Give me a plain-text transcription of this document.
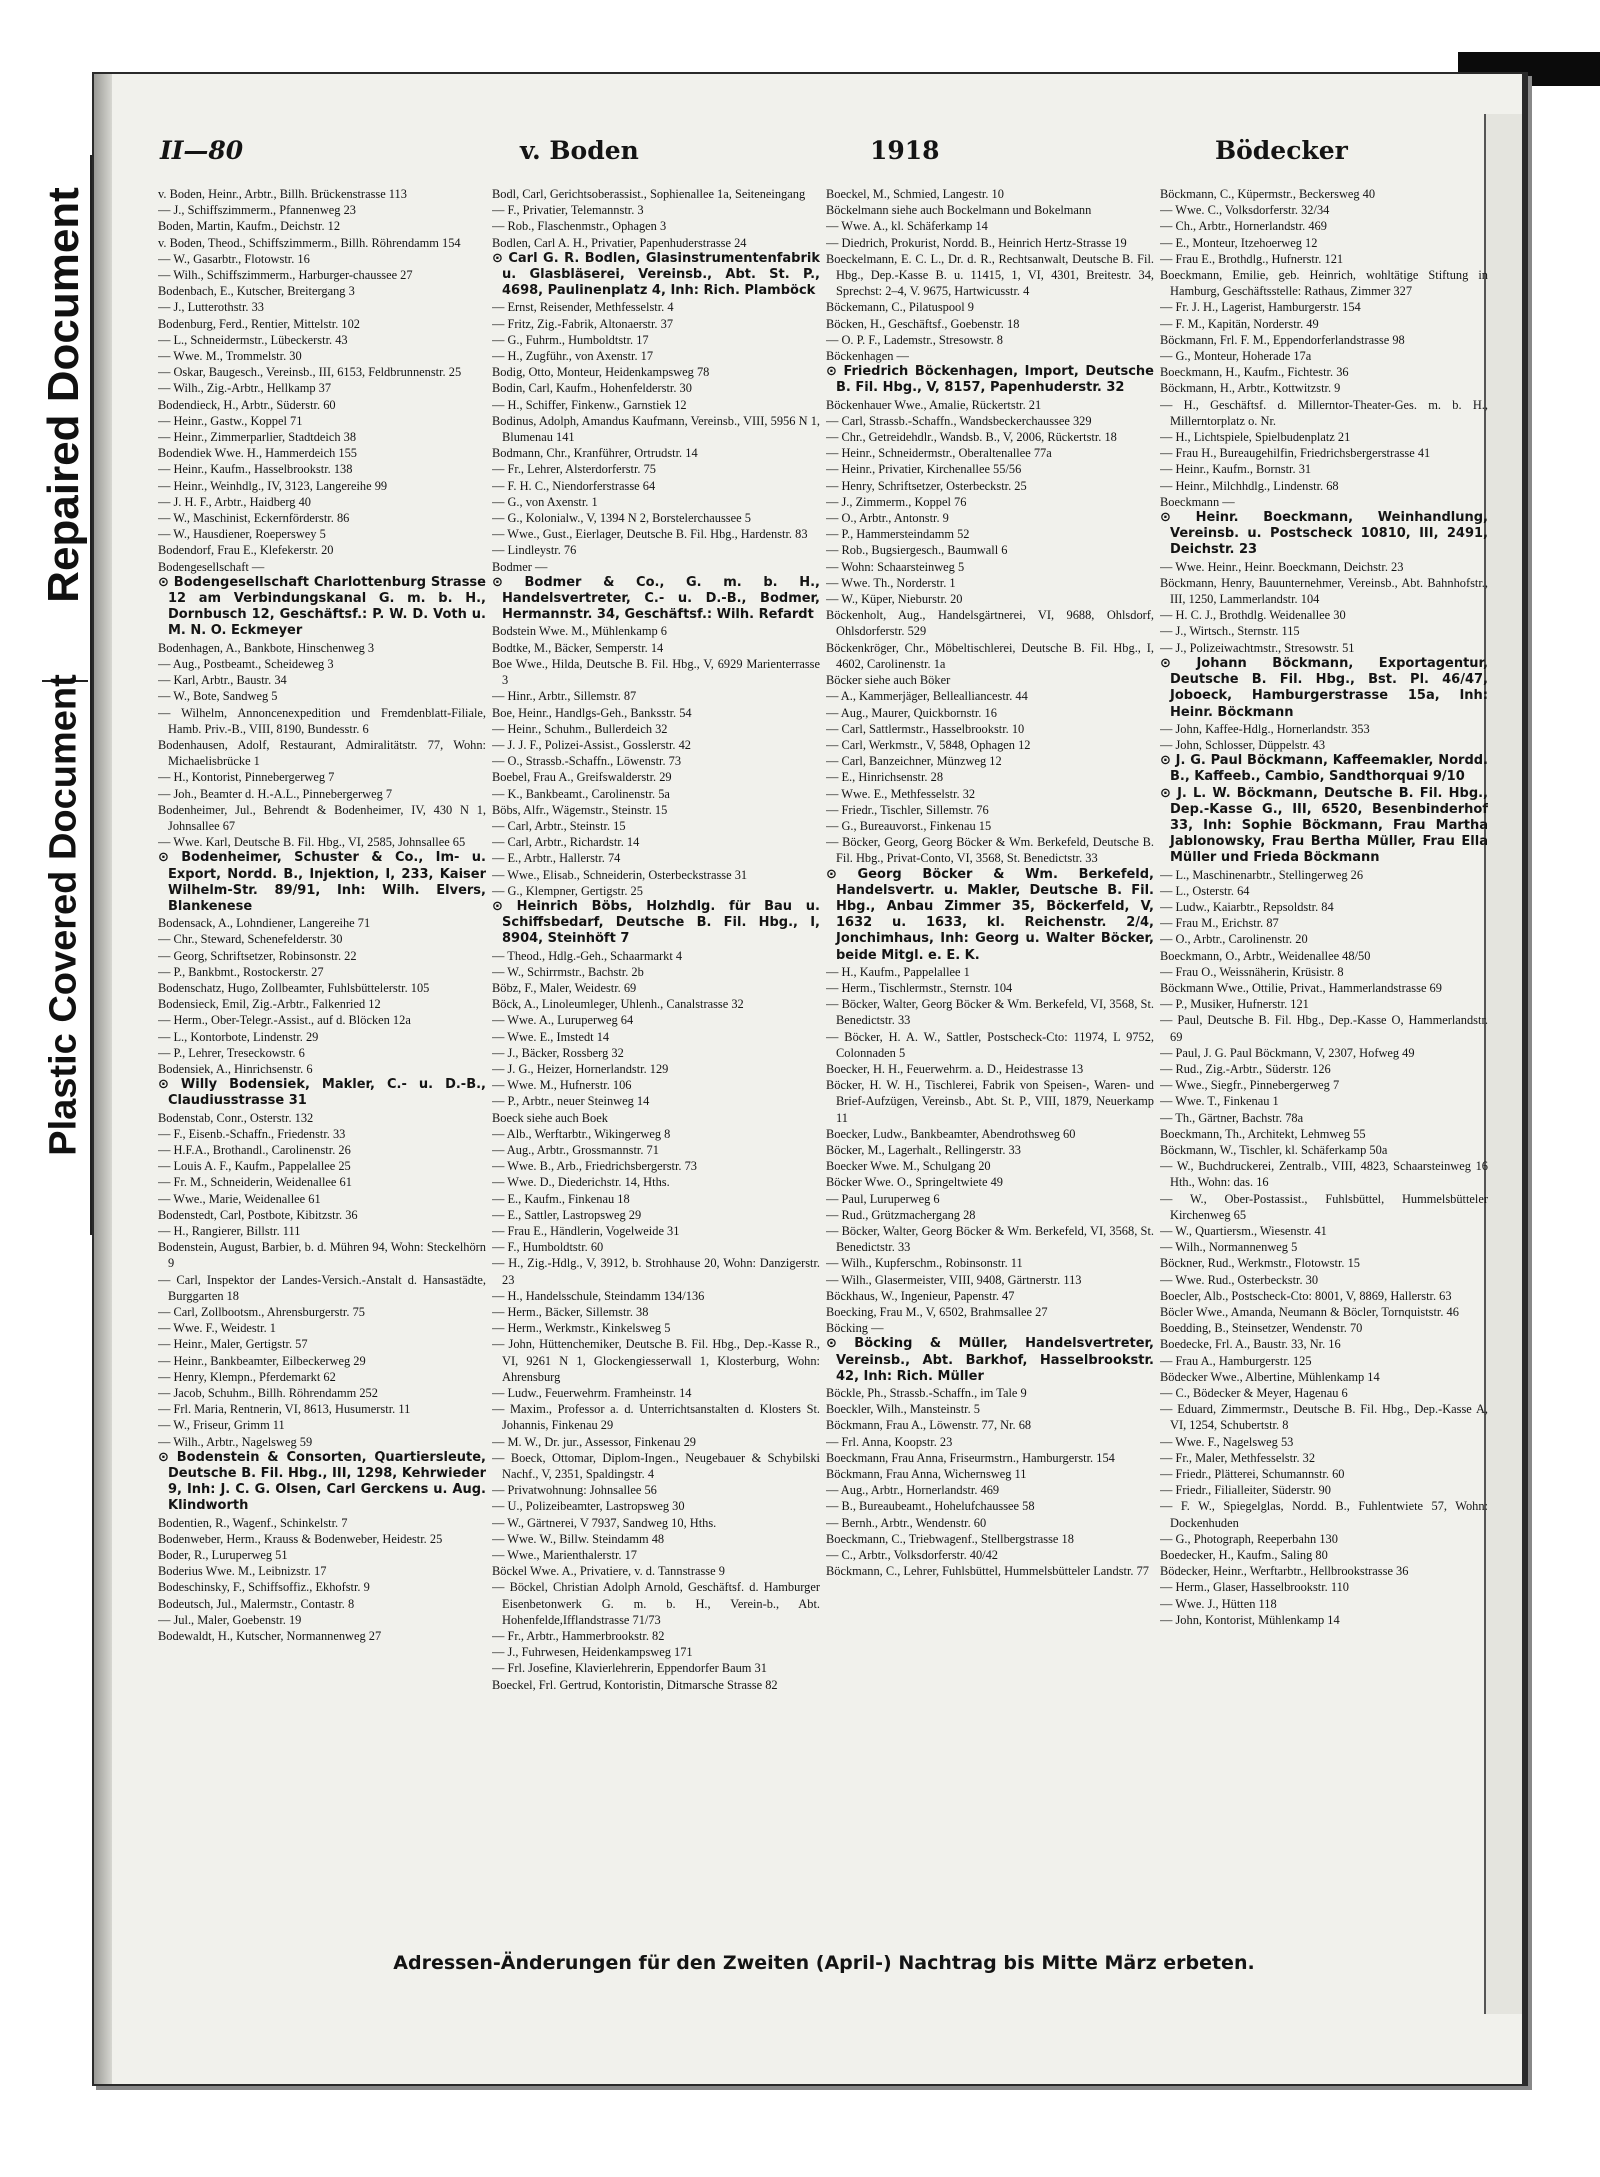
Repaired Document
Plastic Covered Document
II—80	v. Boden	1918	Bödecker
v. Boden, Heinr., Arbtr., Billh. Brückenstrasse 113
— J., Schiffszimmerm., Pfannenweg 23
Boden, Martin, Kaufm., Deichstr. 12
v. Boden, Theod., Schiffszimmerm., Billh. Röhrendamm 154
— W., Gasarbtr., Flotowstr. 16
— Wilh., Schiffszimmerm., Harburger-chaussee 27
Bodenbach, E., Kutscher, Breitergang 3
— J., Lutterothstr. 33
Bodenburg, Ferd., Rentier, Mittelstr. 102
— L., Schneidermstr., Lübeckerstr. 43
— Wwe. M., Trommelstr. 30
— Oskar, Baugesch., Vereinsb., III, 6153, Feldbrunnenstr. 25
— Wilh., Zig.-Arbtr., Hellkamp 37
Bodendieck, H., Arbtr., Süderstr. 60
— Heinr., Gastw., Koppel 71
— Heinr., Zimmerparlier, Stadtdeich 38
Bodendiek Wwe. H., Hammerdeich 155
— Heinr., Kaufm., Hasselbrookstr. 138
— Heinr., Weinhdlg., IV, 3123, Langereihe 99
— J. H. F., Arbtr., Haidberg 40
— W., Maschinist, Eckernförderstr. 86
— W., Hausdiener, Roeperswey 5
Bodendorf, Frau E., Klefekerstr. 20
Bodengesellschaft —
⊙ Bodengesellschaft Charlottenburg Strasse 12 am Verbindungskanal G. m. b. H., Dornbusch 12, Geschäftsf.: P. W. D. Voth u. M. N. O. Eckmeyer
Bodenhagen, A., Bankbote, Hinschenweg 3
— Aug., Postbeamt., Scheideweg 3
— Karl, Arbtr., Baustr. 34
— W., Bote, Sandweg 5
— Wilhelm, Annoncenexpedition und Fremdenblatt-Filiale, Hamb. Priv.-B., VIII, 8190, Bundesstr. 6
Bodenhausen, Adolf, Restaurant, Admiralitätstr. 77, Wohn: Michaelisbrücke 1
— H., Kontorist, Pinnebergerweg 7
— Joh., Beamter d. H.-A.L., Pinnebergerweg 7
Bodenheimer, Jul., Behrendt & Bodenheimer, IV, 430 N 1, Johnsallee 67
— Wwe. Karl, Deutsche B. Fil. Hbg., VI, 2585, Johnsallee 65
⊙ Bodenheimer, Schuster & Co., Im- u. Export, Nordd. B., Injektion, I, 233, Kaiser Wilhelm-Str. 89/91, Inh: Wilh. Elvers, Blankenese
Bodensack, A., Lohndiener, Langereihe 71
— Chr., Steward, Schenefelderstr. 30
— Georg, Schriftsetzer, Robinsonstr. 22
— P., Bankbmt., Rostockerstr. 27
Bodenschatz, Hugo, Zollbeamter, Fuhlsbüttelerstr. 105
Bodensieck, Emil, Zig.-Arbtr., Falkenried 12
— Herm., Ober-Telegr.-Assist., auf d. Blöcken 12a
— L., Kontorbote, Lindenstr. 29
— P., Lehrer, Treseckowstr. 6
Bodensiek, A., Hinrichsenstr. 6
⊙ Willy Bodensiek, Makler, C.- u. D.-B., Claudiusstrasse 31
Bodenstab, Conr., Osterstr. 132
— F., Eisenb.-Schaffn., Friedenstr. 33
— H.F.A., Brothandl., Carolinenstr. 26
— Louis A. F., Kaufm., Pappelallee 25
— Fr. M., Schneiderin, Weidenallee 61
— Wwe., Marie, Weidenallee 61
Bodenstedt, Carl, Postbote, Kibitzstr. 36
— H., Rangierer, Billstr. 111
Bodenstein, August, Barbier, b. d. Mühren 94, Wohn: Steckelhörn 9
— Carl, Inspektor der Landes-Versich.-Anstalt d. Hansastädte, Burggarten 18
— Carl, Zollbootsm., Ahrensburgerstr. 75
— Wwe. F., Weidestr. 1
— Heinr., Maler, Gertigstr. 57
— Heinr., Bankbeamter, Eilbeckerweg 29
— Henry, Klempn., Pferdemarkt 62
— Jacob, Schuhm., Billh. Röhrendamm 252
— Frl. Maria, Rentnerin, VI, 8613, Husumerstr. 11
— W., Friseur, Grimm 11
— Wilh., Arbtr., Nagelsweg 59
⊙ Bodenstein & Consorten, Quartiersleute, Deutsche B. Fil. Hbg., III, 1298, Kehrwieder 9, Inh: J. C. G. Olsen, Carl Gerckens u. Aug. Klindworth
Bodentien, R., Wagenf., Schinkelstr. 7
Bodenweber, Herm., Krauss & Bodenweber, Heidestr. 25
Boder, R., Luruperweg 51
Boderius Wwe. M., Leibnizstr. 17
Bodeschinsky, F., Schiffsoffiz., Ekhofstr. 9
Bodeutsch, Jul., Malermstr., Contastr. 8
— Jul., Maler, Goebenstr. 19
Bodewaldt, H., Kutscher, Normannenweg 27
Bodl, Carl, Gerichtsoberassist., Sophienallee 1a, Seiteneingang
— F., Privatier, Telemannstr. 3
— Rob., Flaschenmstr., Ophagen 3
Bodlen, Carl A. H., Privatier, Papenhuderstrasse 24
⊙ Carl G. R. Bodlen, Glasinstrumentenfabrik u. Glasbläserei, Vereinsb., Abt. St. P., 4698, Paulinenplatz 4, Inh: Rich. Plamböck
— Ernst, Reisender, Methfesselstr. 4
— Fritz, Zig.-Fabrik, Altonaerstr. 37
— G., Fuhrm., Humboldtstr. 17
— H., Zugführ., von Axenstr. 17
Bodig, Otto, Monteur, Heidenkampsweg 78
Bodin, Carl, Kaufm., Hohenfelderstr. 30
— H., Schiffer, Finkenw., Garnstiek 12
Bodinus, Adolph, Amandus Kaufmann, Vereinsb., VIII, 5956 N 1, Blumenau 141
Bodmann, Chr., Kranführer, Ortrudstr. 14
— Fr., Lehrer, Alsterdorferstr. 75
— F. H. C., Niendorferstrasse 64
— G., von Axenstr. 1
— G., Kolonialw., V, 1394 N 2, Borstelerchaussee 5
— Wwe., Gust., Eierlager, Deutsche B. Fil. Hbg., Hardenstr. 83
— Lindleystr. 76
Bodmer —
⊙ Bodmer & Co., G. m. b. H., Handelsvertreter, C.- u. D.-B., Bodmer, Hermannstr. 34, Geschäftsf.: Wilh. Refardt
Bodstein Wwe. M., Mühlenkamp 6
Bodtke, M., Bäcker, Semperstr. 14
Boe Wwe., Hilda, Deutsche B. Fil. Hbg., V, 6929 Marienterrasse 3
— Hinr., Arbtr., Sillemstr. 87
Boe, Heinr., Handlgs-Geh., Banksstr. 54
— Heinr., Schuhm., Bullerdeich 32
— J. J. F., Polizei-Assist., Gosslerstr. 42
— O., Strassb.-Schaffn., Löwenstr. 73
Boebel, Frau A., Greifswalderstr. 29
— K., Bankbeamt., Carolinenstr. 5a
Böbs, Alfr., Wägemstr., Steinstr. 15
— Carl, Arbtr., Steinstr. 15
— Carl, Arbtr., Richardstr. 14
— E., Arbtr., Hallerstr. 74
— Wwe., Elisab., Schneiderin, Osterbeckstrasse 31
— G., Klempner, Gertigstr. 25
⊙ Heinrich Böbs, Holzhdlg. für Bau u. Schiffsbedarf, Deutsche B. Fil. Hbg., I, 8904, Steinhöft 7
— Theod., Hdlg.-Geh., Schaarmarkt 4
— W., Schirrmstr., Bachstr. 2b
Böbz, F., Maler, Weidestr. 69
Böck, A., Linoleumleger, Uhlenh., Canalstrasse 32
— Wwe. A., Luruperweg 64
— Wwe. E., Imstedt 14
— J., Bäcker, Rossberg 32
— J. G., Heizer, Hornerlandstr. 129
— Wwe. M., Hufnerstr. 106
— P., Arbtr., neuer Steinweg 14
Boeck siehe auch Boek
— Alb., Werftarbtr., Wikingerweg 8
— Aug., Arbtr., Grossmannstr. 71
— Wwe. B., Arb., Friedrichsbergerstr. 73
— Wwe. D., Diederichstr. 14, Hths.
— E., Kaufm., Finkenau 18
— E., Sattler, Lastropsweg 29
— Frau E., Händlerin, Vogelweide 31
— F., Humboldtstr. 60
— H., Zig.-Hdlg., V, 3912, b. Strohhause 20, Wohn: Danzigerstr. 23
— H., Handelsschule, Steindamm 134/136
— Herm., Bäcker, Sillemstr. 38
— Herm., Werkmstr., Kinkelsweg 5
— John, Hüttenchemiker, Deutsche B. Fil. Hbg., Dep.-Kasse R., VI, 9261 N 1, Glockengiesserwall 1, Klosterburg, Wohn: Ahrensburg
— Ludw., Feuerwehrm. Framheinstr. 14
— Maxim., Professor a. d. Unterrichtsanstalten d. Klosters St. Johannis, Finkenau 29
— M. W., Dr. jur., Assessor, Finkenau 29
— Boeck, Ottomar, Diplom-Ingen., Neugebauer & Schybilski Nachf., V, 2351, Spaldingstr. 4
— Privatwohnung: Johnsallee 56
— U., Polizeibeamter, Lastropsweg 30
— W., Gärtnerei, V 7937, Sandweg 10, Hths.
— Wwe. W., Billw. Steindamm 48
— Wwe., Marienthalerstr. 17
Böckel Wwe. A., Privatiere, v. d. Tannstrasse 9
— Böckel, Christian Adolph Arnold, Geschäftsf. d. Hamburger Eisenbetonwerk G. m. b. H., Verein-b., Abt. Hohenfelde,Ifflandstrasse 71/73
— Fr., Arbtr., Hammerbrookstr. 82
— J., Fuhrwesen, Heidenkampsweg 171
— Frl. Josefine, Klavierlehrerin, Eppendorfer Baum 31
Boeckel, Frl. Gertrud, Kontoristin, Ditmarsche Strasse 82
Boeckel, M., Schmied, Langestr. 10
Böckelmann siehe auch Bockelmann und Bokelmann
— Wwe. A., kl. Schäferkamp 14
— Diedrich, Prokurist, Nordd. B., Heinrich Hertz-Strasse 19
Boeckelmann, E. C. L., Dr. d. R., Rechtsanwalt, Deutsche B. Fil. Hbg., Dep.-Kasse B. u. 11415, 1, VI, 4301, Breitestr. 34, Sprechst: 2–4, V. 9675, Hartwicusstr. 4
Böckemann, C., Pilatuspool 9
Böcken, H., Geschäftsf., Goebenstr. 18
— O. P. F., Lademstr., Stresowstr. 8
Böckenhagen —
⊙ Friedrich Böckenhagen, Import, Deutsche B. Fil. Hbg., V, 8157, Papenhuderstr. 32
Böckenhauer Wwe., Amalie, Rückertstr. 21
— Carl, Strassb.-Schaffn., Wandsbeckerchaussee 329
— Chr., Getreidehdlr., Wandsb. B., V, 2006, Rückertstr. 18
— Heinr., Schneidermstr., Oberaltenallee 77a
— Heinr., Privatier, Kirchenallee 55/56
— Henry, Schriftsetzer, Osterbeckstr. 25
— J., Zimmerm., Koppel 76
— O., Arbtr., Antonstr. 9
— P., Hammersteindamm 52
— Rob., Bugsiergesch., Baumwall 6
— Wohn: Schaarsteinweg 5
— Wwe. Th., Norderstr. 1
— W., Küper, Nieburstr. 20
Böckenholt, Aug., Handelsgärtnerei, VI, 9688, Ohlsdorf, Ohlsdorferstr. 529
Böckenkröger, Chr., Möbeltischlerei, Deutsche B. Fil. Hbg., I, 4602, Carolinenstr. 1a
Böcker siehe auch Böker
— A., Kammerjäger, Bellealliancestr. 44
— Aug., Maurer, Quickbornstr. 16
— Carl, Sattlermstr., Hasselbrookstr. 10
— Carl, Werkmstr., V, 5848, Ophagen 12
— Carl, Banzeichner, Münzweg 12
— E., Hinrichsenstr. 28
— Wwe. E., Methfesselstr. 32
— Friedr., Tischler, Sillemstr. 76
— G., Bureauvorst., Finkenau 15
— Böcker, Georg, Georg Böcker & Wm. Berkefeld, Deutsche B. Fil. Hbg., Privat-Conto, VI, 3568, St. Benedictstr. 33
⊙ Georg Böcker & Wm. Berkefeld, Handelsvertr. u. Makler, Deutsche B. Fil. Hbg., Anbau Zimmer 35, Böckerfeld, V, 1632 u. 1633, kl. Reichenstr. 2/4, Jonchimhaus, Inh: Georg u. Walter Böcker, beide Mitgl. e. E. K.
— H., Kaufm., Pappelallee 1
— Herm., Tischlermstr., Sternstr. 104
— Böcker, Walter, Georg Böcker & Wm. Berkefeld, VI, 3568, St. Benedictstr. 33
— Böcker, H. A. W., Sattler, Postscheck-Cto: 11974, L 9752, Colonnaden 5
Boecker, H. H., Feuerwehrm. a. D., Heidestrasse 13
Böcker, H. W. H., Tischlerei, Fabrik von Speisen-, Waren- und Brief-Aufzügen, Vereinsb., Abt. St. P., VIII, 1879, Neuerkamp 11
Boecker, Ludw., Bankbeamter, Abendrothsweg 60
Böcker, M., Lagerhalt., Rellingerstr. 33
Boecker Wwe. M., Schulgang 20
Böcker Wwe. O., Springeltwiete 49
— Paul, Luruperweg 6
— Rud., Grützmachergang 28
— Böcker, Walter, Georg Böcker & Wm. Berkefeld, VI, 3568, St. Benedictstr. 33
— Wilh., Kupferschm., Robinsonstr. 11
— Wilh., Glasermeister, VIII, 9408, Gärtnerstr. 113
Böckhaus, W., Ingenieur, Papenstr. 47
Boecking, Frau M., V, 6502, Brahmsallee 27
Böcking —
⊙ Böcking & Müller, Handelsvertreter, Vereinsb., Abt. Barkhof, Hasselbrookstr. 42, Inh: Rich. Müller
Böckle, Ph., Strassb.-Schaffn., im Tale 9
Boeckler, Wilh., Mansteinstr. 5
Böckmann, Frau A., Löwenstr. 77, Nr. 68
— Frl. Anna, Koopstr. 23
Boeckmann, Frau Anna, Friseurmstrn., Hamburgerstr. 154
Böckmann, Frau Anna, Wichernsweg 11
— Aug., Arbtr., Hornerlandstr. 469
— B., Bureaubeamt., Hohelufchaussee 58
— Bernh., Arbtr., Wendenstr. 60
Boeckmann, C., Triebwagenf., Stellbergstrasse 18
— C., Arbtr., Volksdorferstr. 40/42
Böckmann, C., Lehrer, Fuhlsbüttel, Hummelsbütteler Landstr. 77
Böckmann, C., Küpermstr., Beckersweg 40
— Wwe. C., Volksdorferstr. 32/34
— Ch., Arbtr., Hornerlandstr. 469
— E., Monteur, Itzehoerweg 12
— Frau E., Brothdlg., Hufnerstr. 121
Boeckmann, Emilie, geb. Heinrich, wohltätige Stiftung in Hamburg, Geschäftsstelle: Rathaus, Zimmer 327
— Fr. J. H., Lagerist, Hamburgerstr. 154
— F. M., Kapitän, Norderstr. 49
Böckmann, Frl. F. M., Eppendorferlandstrasse 98
— G., Monteur, Hoherade 17a
Boeckmann, H., Kaufm., Fichtestr. 36
Böckmann, H., Arbtr., Kottwitzstr. 9
— H., Geschäftsf. d. Millerntor-Theater-Ges. m. b. H., Millerntorplatz o. Nr.
— H., Lichtspiele, Spielbudenplatz 21
— Frau H., Bureaugehilfin, Friedrichsbergerstrasse 41
— Heinr., Kaufm., Bornstr. 31
— Heinr., Milchhdlg., Lindenstr. 68
Boeckmann —
⊙ Heinr. Boeckmann, Weinhandlung, Vereinsb. u. Postscheck 10810, III, 2491, Deichstr. 23
— Wwe. Heinr., Heinr. Boeckmann, Deichstr. 23
Böckmann, Henry, Bauunternehmer, Vereinsb., Abt. Bahnhofstr., III, 1250, Lammerlandstr. 104
— H. C. J., Brothdlg. Weidenallee 30
— J., Wirtsch., Sternstr. 115
— J., Polizeiwachtmstr., Stresowstr. 51
⊙ Johann Böckmann, Exportagentur, Deutsche B. Fil. Hbg., Bst. Pl. 46/47, Joboeck, Hamburgerstrasse 15a, Inh: Heinr. Böckmann
— John, Kaffee-Hdlg., Hornerlandstr. 353
— John, Schlosser, Düppelstr. 43
⊙ J. G. Paul Böckmann, Kaffeemakler, Nordd. B., Kaffeeb., Cambio, Sandthorquai 9/10
⊙ J. L. W. Böckmann, Deutsche B. Fil. Hbg., Dep.-Kasse G., III, 6520, Besenbinderhof 33, Inh: Sophie Böckmann, Frau Martha Jablonowsky, Frau Bertha Müller, Frau Ella Müller und Frieda Böckmann
— L., Maschinenarbtr., Stellingerweg 26
— L., Osterstr. 64
— Ludw., Kaiarbtr., Repsoldstr. 84
— Frau M., Erichstr. 87
— O., Arbtr., Carolinenstr. 20
Boeckmann, O., Arbtr., Weidenallee 48/50
— Frau O., Weissnäherin, Krüsistr. 8
Böckmann Wwe., Ottilie, Privat., Hammerlandstrasse 69
— P., Musiker, Hufnerstr. 121
— Paul, Deutsche B. Fil. Hbg., Dep.-Kasse O, Hammerlandstr. 69
— Paul, J. G. Paul Böckmann, V, 2307, Hofweg 49
— Rud., Zig.-Arbtr., Süderstr. 126
— Wwe., Siegfr., Pinnebergerweg 7
— Wwe. T., Finkenau 1
— Th., Gärtner, Bachstr. 78a
Boeckmann, Th., Architekt, Lehmweg 55
Böckmann, W., Tischler, kl. Schäferkamp 50a
— W., Buchdruckerei, Zentralb., VIII, 4823, Schaarsteinweg 16 Hth., Wohn: das. 16
— W., Ober-Postassist., Fuhlsbüttel, Hummelsbütteler Kirchenweg 65
— W., Quartiersm., Wiesenstr. 41
— Wilh., Normannenweg 5
Böckner, Rud., Werkmstr., Flotowstr. 15
— Wwe. Rud., Osterbeckstr. 30
Boecler, Alb., Postscheck-Cto: 8001, V, 8869, Hallerstr. 63
Böcler Wwe., Amanda, Neumann & Böcler, Tornquiststr. 46
Boedding, B., Steinsetzer, Wendenstr. 70
Boedecke, Frl. A., Baustr. 33, Nr. 16
— Frau A., Hamburgerstr. 125
Bödecker Wwe., Albertine, Mühlenkamp 14
— C., Bödecker & Meyer, Hagenau 6
— Eduard, Zimmermstr., Deutsche B. Fil. Hbg., Dep.-Kasse A, VI, 1254, Schubertstr. 8
— Wwe. F., Nagelsweg 53
— Fr., Maler, Methfesselstr. 32
— Friedr., Plätterei, Schumannstr. 60
— Friedr., Filialleiter, Süderstr. 90
— F. W., Spiegelglas, Nordd. B., Fuhlentwiete 57, Wohn: Dockenhuden
— G., Photograph, Reeperbahn 130
Boedecker, H., Kaufm., Saling 80
Bödecker, Heinr., Werftarbtr., Hellbrookstrasse 36
— Herm., Glaser, Hasselbrookstr. 110
— Wwe. J., Hütten 118
— John, Kontorist, Mühlenkamp 14
Adressen-Änderungen für den Zweiten (April-) Nachtrag bis Mitte März erbeten.
